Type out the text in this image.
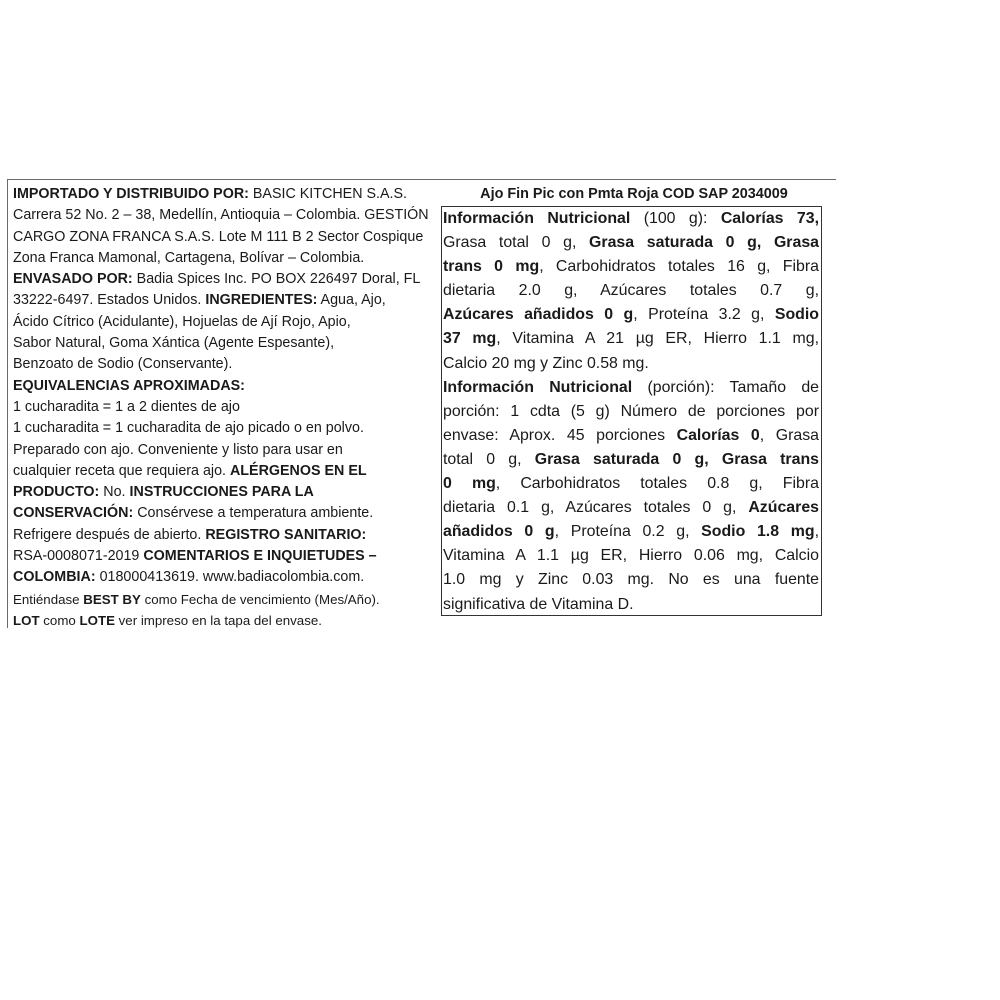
IMPORTADO Y DISTRIBUIDO POR: BASIC KITCHEN S.A.S.
Carrera 52 No. 2 – 38, Medellín, Antioquia – Colombia. GESTIÓN
CARGO ZONA FRANCA S.A.S. Lote M 111 B 2 Sector Cospique
Zona Franca Mamonal, Cartagena, Bolívar – Colombia.
ENVASADO POR: Badia Spices Inc. PO BOX 226497 Doral, FL
33222-6497. Estados Unidos. INGREDIENTES: Agua, Ajo,
Ácido Cítrico (Acidulante), Hojuelas de Ají Rojo, Apio,
Sabor Natural, Goma Xántica (Agente Espesante),
Benzoato de Sodio (Conservante).
EQUIVALENCIAS APROXIMADAS:
1 cucharadita = 1 a 2 dientes de ajo
1 cucharadita = 1 cucharadita de ajo picado o en polvo.
Preparado con ajo. Conveniente y listo para usar en
cualquier receta que requiera ajo. ALÉRGENOS EN EL
PRODUCTO: No. INSTRUCCIONES PARA LA
CONSERVACIÓN: Consérvese a temperatura ambiente.
Refrigere después de abierto. REGISTRO SANITARIO:
RSA-0008071-2019 COMENTARIOS E INQUIETUDES –
COLOMBIA: 018000413619. www.badiacolombia.com.
Entiéndase BEST BY como Fecha de vencimiento (Mes/Año).
LOT como LOTE ver impreso en la tapa del envase.
Ajo Fin Pic con Pmta Roja COD SAP 2034009
Información Nutricional (100 g): Calorías 73,
Grasa total 0 g, Grasa saturada 0 g, Grasa
trans 0 mg, Carbohidratos totales 16 g, Fibra
dietaria 2.0 g, Azúcares totales 0.7 g,
Azúcares añadidos 0 g, Proteína 3.2 g, Sodio
37 mg, Vitamina A 21 µg ER, Hierro 1.1 mg,
Calcio 20 mg y Zinc 0.58 mg.
Información Nutricional (porción): Tamaño de
porción: 1 cdta (5 g) Número de porciones por
envase: Aprox. 45 porciones Calorías 0, Grasa
total 0 g, Grasa saturada 0 g, Grasa trans
0 mg, Carbohidratos totales 0.8 g, Fibra
dietaria 0.1 g, Azúcares totales 0 g, Azúcares
añadidos 0 g, Proteína 0.2 g, Sodio 1.8 mg,
Vitamina A 1.1 µg ER, Hierro 0.06 mg, Calcio
1.0 mg y Zinc 0.03 mg. No es una fuente
significativa de Vitamina D.
